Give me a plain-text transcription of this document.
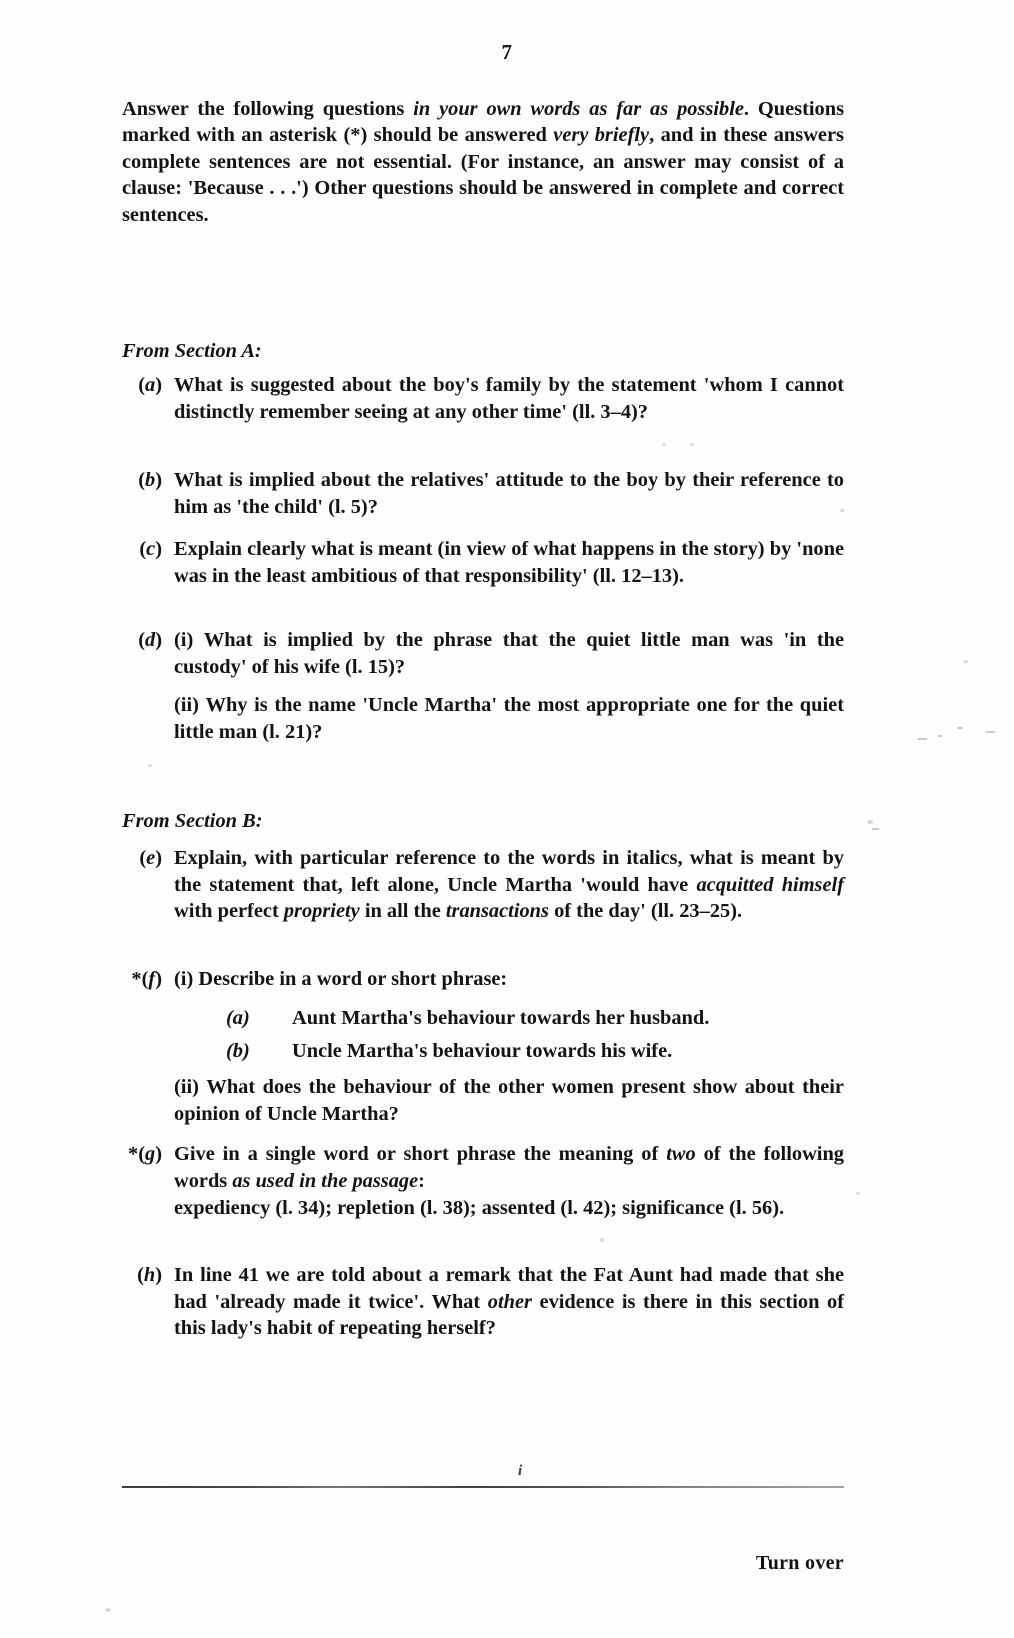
7
Answer the following questions in your own words as far as possible. Questions marked with an asterisk (*) should be answered very briefly, and in these answers complete sentences are not essential. (For instance, an answer may consist of a clause: 'Because . . .') Other questions should be answered in complete and correct sentences.
From Section A:
(a) What is suggested about the boy's family by the statement 'whom I cannot distinctly remember seeing at any other time' (ll. 3–4)?
(b) What is implied about the relatives' attitude to the boy by their reference to him as 'the child' (l. 5)?
(c) Explain clearly what is meant (in view of what happens in the story) by 'none was in the least ambitious of that responsibility' (ll. 12–13).
(d) (i) What is implied by the phrase that the quiet little man was 'in the custody' of his wife (l. 15)?
(ii) Why is the name 'Uncle Martha' the most appropriate one for the quiet little man (l. 21)?
From Section B:
(e) Explain, with particular reference to the words in italics, what is meant by the statement that, left alone, Uncle Martha 'would have acquitted himself with perfect propriety in all the transactions of the day' (ll. 23–25).
*(f) (i) Describe in a word or short phrase:
(a) Aunt Martha's behaviour towards her husband.
(b) Uncle Martha's behaviour towards his wife.
(ii) What does the behaviour of the other women present show about their opinion of Uncle Martha?
*(g) Give in a single word or short phrase the meaning of two of the following words as used in the passage:
expediency (l. 34); repletion (l. 38); assented (l. 42); significance (l. 56).
(h) In line 41 we are told about a remark that the Fat Aunt had made that she had 'already made it twice'. What other evidence is there in this section of this lady's habit of repeating herself?
i
Turn over
